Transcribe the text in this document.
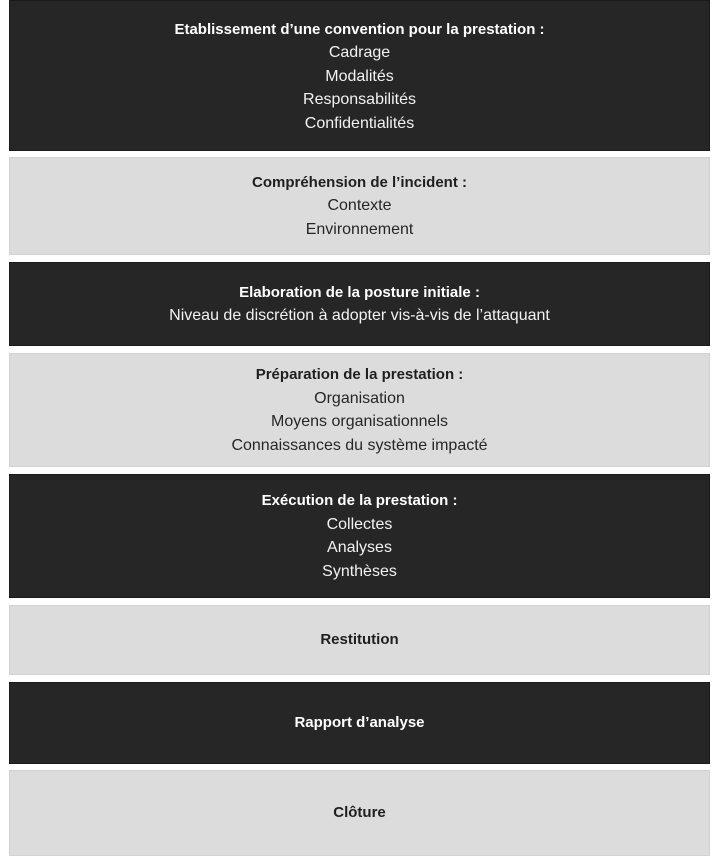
Etablissement d’une convention pour la prestation :
Cadrage
Modalités
Responsabilités
Confidentialités
Compréhension de l’incident :
Contexte
Environnement
Elaboration de la posture initiale :
Niveau de discrétion à adopter vis-à-vis de l’attaquant
Préparation de la prestation :
Organisation
Moyens organisationnels
Connaissances du système impacté
Exécution de la prestation :
Collectes
Analyses
Synthèses
Restitution
Rapport d’analyse
Clôture
